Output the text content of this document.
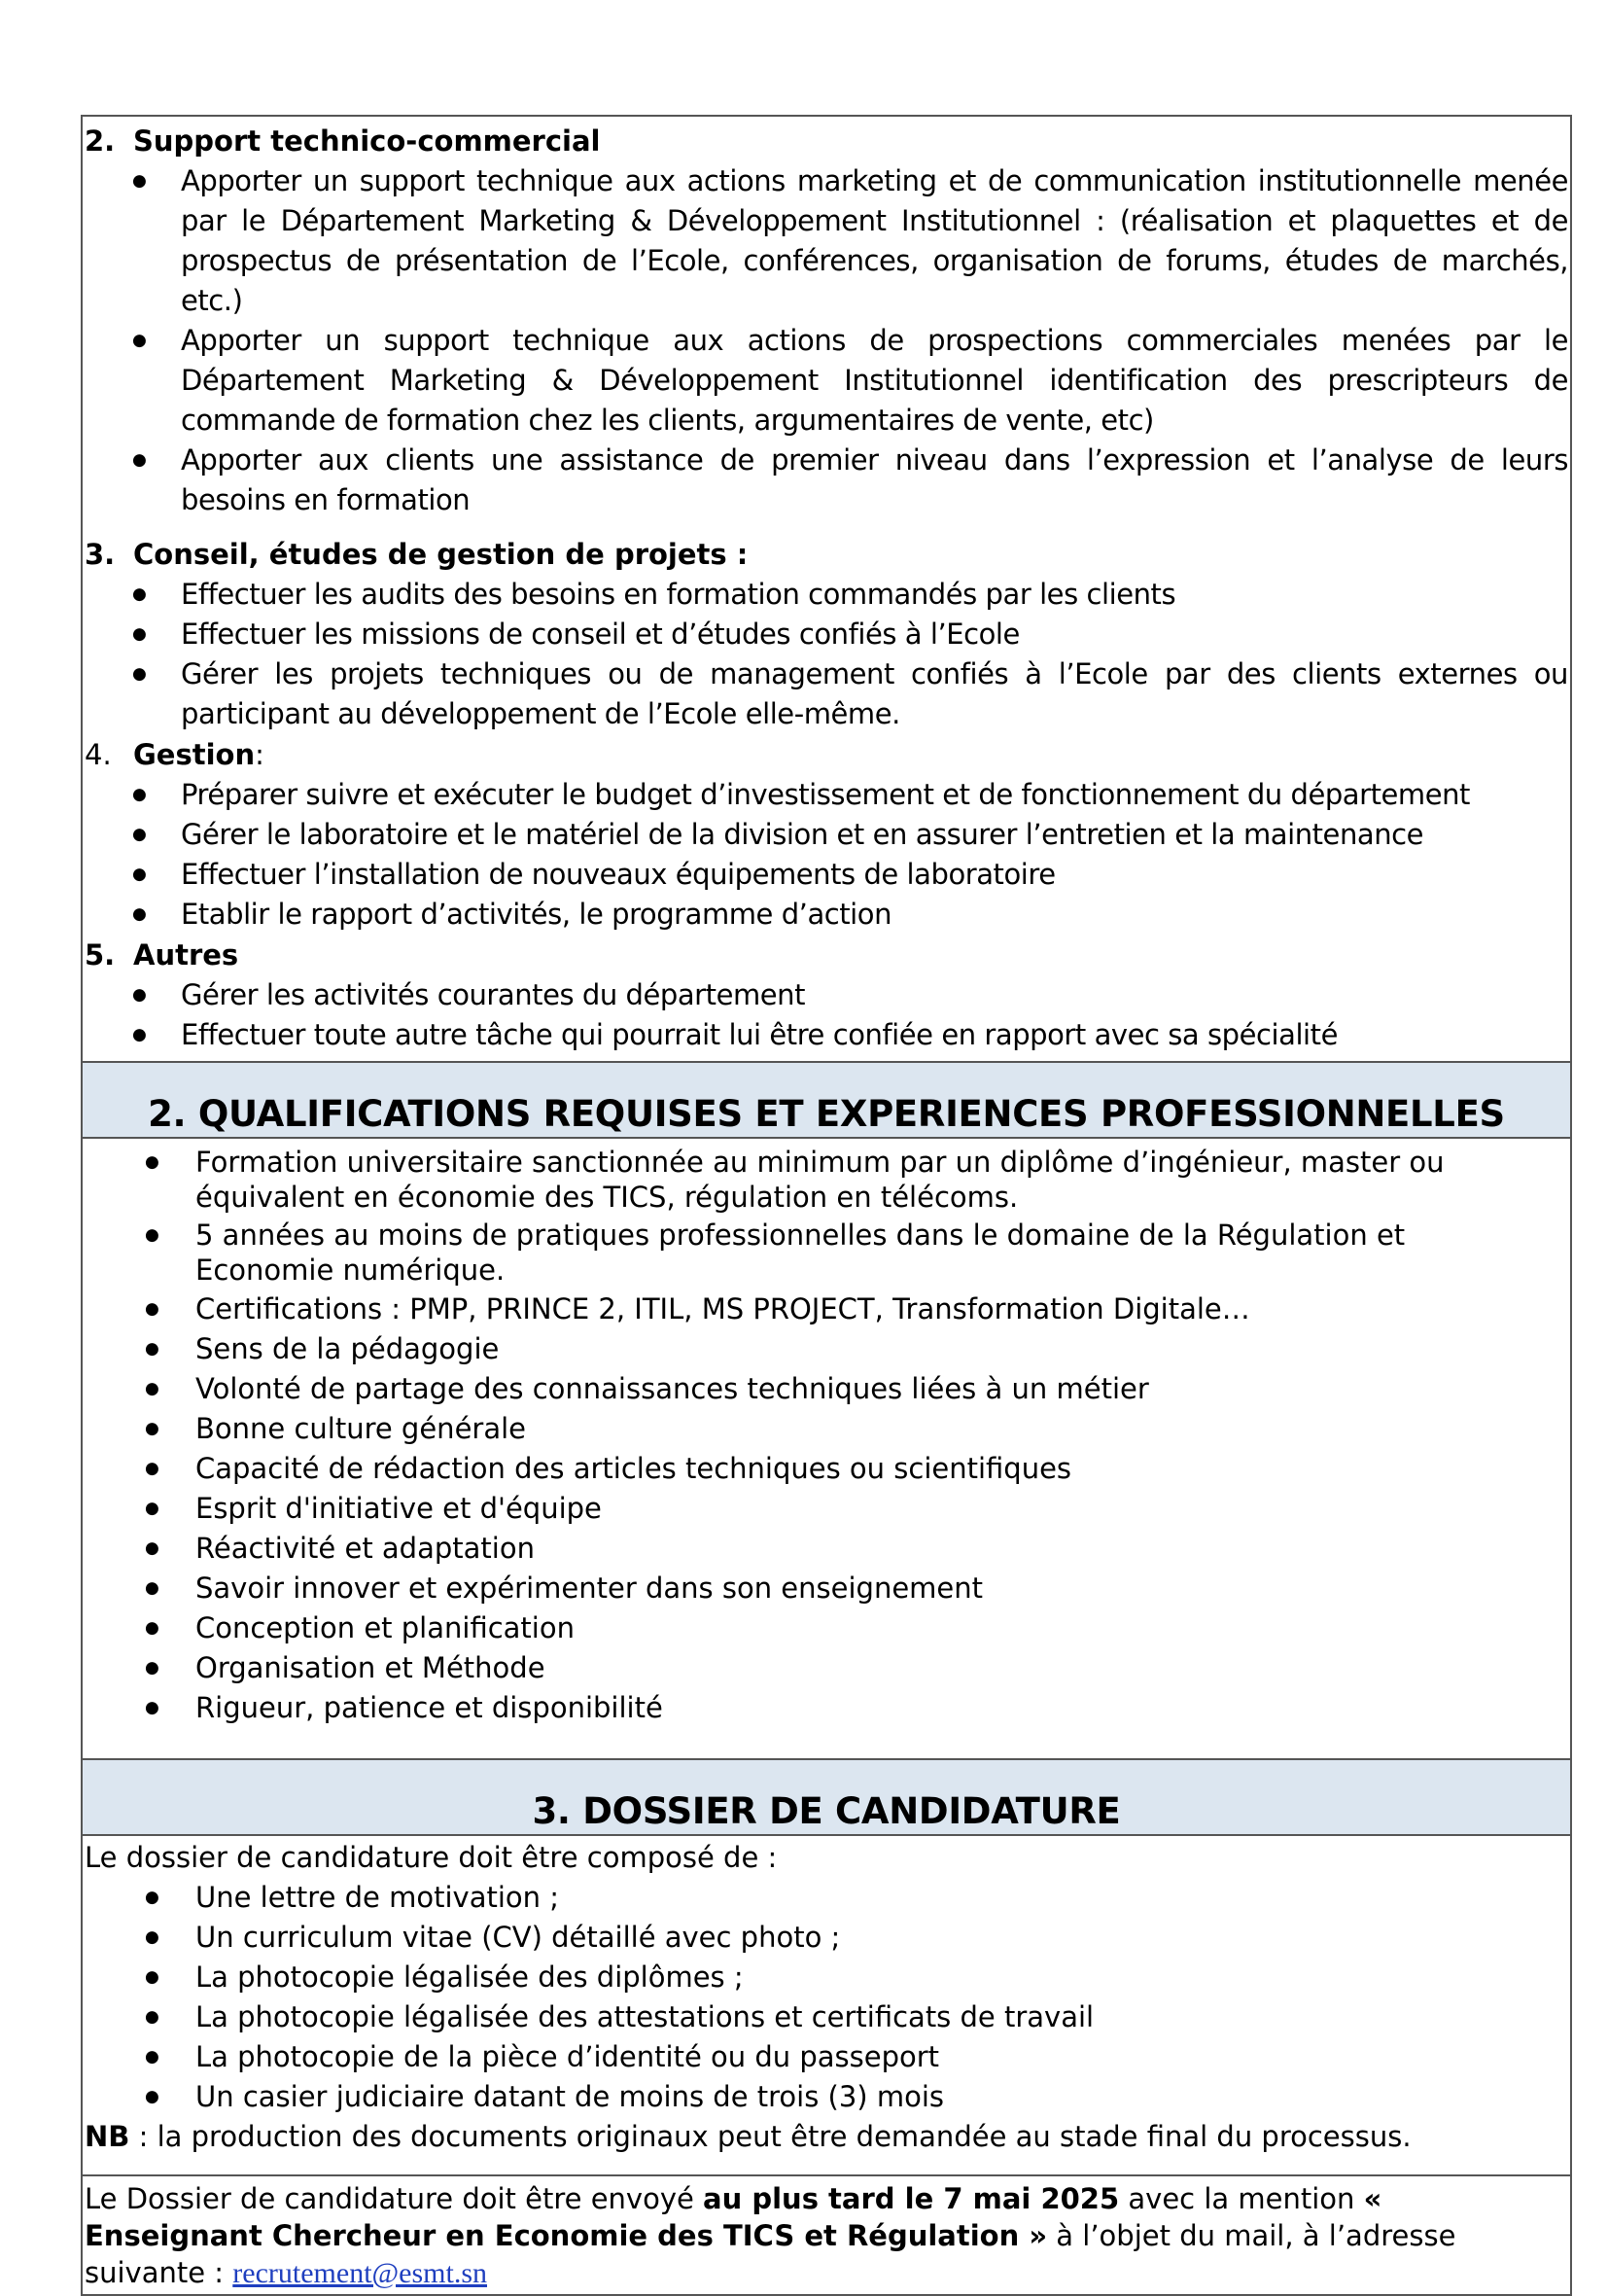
2. Support technico-commercial
● Apporter un support technique aux actions marketing et de communication institutionnelle menée par le Département Marketing & Développement Institutionnel : (réalisation et plaquettes et de prospectus de présentation de l’Ecole, conférences, organisation de forums, études de marchés, etc.)
● Apporter un support technique aux actions de prospections commerciales menées par le Département Marketing & Développement Institutionnel identification des prescripteurs de commande de formation chez les clients, argumentaires de vente, etc)
● Apporter aux clients une assistance de premier niveau dans l’expression et l’analyse de leurs besoins en formation
3. Conseil, études de gestion de projets :
● Effectuer les audits des besoins en formation commandés par les clients
● Effectuer les missions de conseil et d’études confiés à l’Ecole
● Gérer les projets techniques ou de management confiés à l’Ecole par des clients externes ou participant au développement de l’Ecole elle-même.
4. Gestion :
● Préparer suivre et exécuter le budget d’investissement et de fonctionnement du département
● Gérer le laboratoire et le matériel de la division et en assurer l’entretien et la maintenance
● Effectuer l’installation de nouveaux équipements de laboratoire
● Etablir le rapport d’activités, le programme d’action
5. Autres
● Gérer les activités courantes du département
● Effectuer toute autre tâche qui pourrait lui être confiée en rapport avec sa spécialité
2. QUALIFICATIONS REQUISES ET EXPERIENCES PROFESSIONNELLES
● Formation universitaire sanctionnée au minimum par un diplôme d’ingénieur, master ou équivalent en économie des TICS, régulation en télécoms.
● 5 années au moins de pratiques professionnelles dans le domaine de la Régulation et Economie numérique.
● Certifications : PMP, PRINCE 2, ITIL, MS PROJECT, Transformation Digitale…
● Sens de la pédagogie
● Volonté de partage des connaissances techniques liées à un métier
● Bonne culture générale
● Capacité de rédaction des articles techniques ou scientifiques
● Esprit d'initiative et d'équipe
● Réactivité et adaptation
● Savoir innover et expérimenter dans son enseignement
● Conception et planification
● Organisation et Méthode
● Rigueur, patience et disponibilité
3. DOSSIER DE CANDIDATURE

Le dossier de candidature doit être composé de :

● Une lettre de motivation ;
● Un curriculum vitae (CV) détaillé avec photo ;
● La photocopie légalisée des diplômes ;
● La photocopie légalisée des attestations et certificats de travail
● La photocopie de la pièce d’identité ou du passeport
● Un casier judiciaire datant de moins de trois (3) mois

NB : la production des documents originaux peut être demandée au stade final du processus.

Le Dossier de candidature doit être envoyé au plus tard le 7 mai 2025 avec la mention « Enseignant Chercheur en Economie des TICS et Régulation » à l’objet du mail, à l’adresse suivante : recrutement@esmt.sn
